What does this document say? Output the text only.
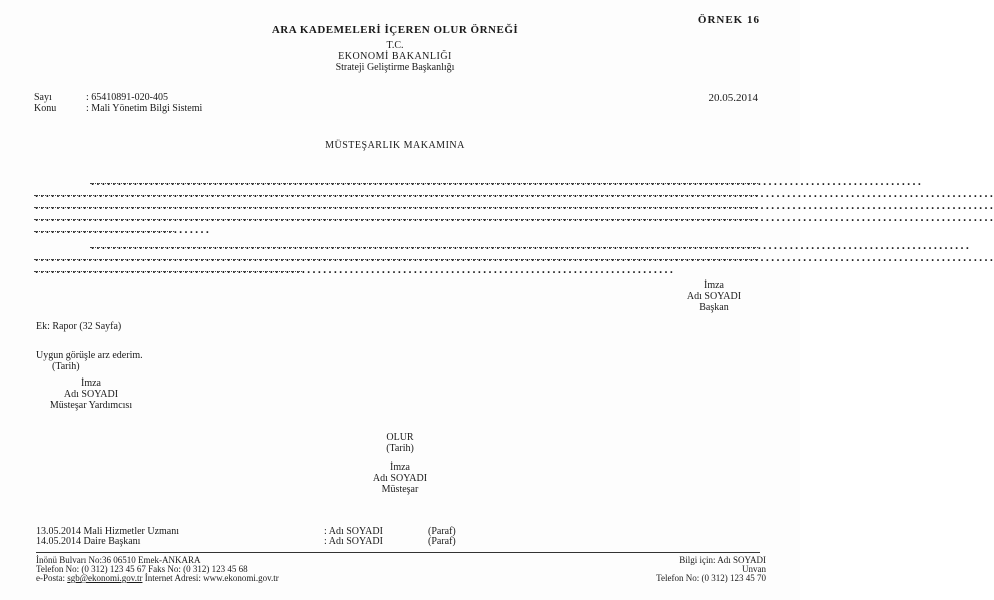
ÖRNEK 16
ARA KADEMELERİ İÇEREN OLUR ÖRNEĞİ
T.C.
EKONOMİ BAKANLIĞI
Strateji Geliştirme Başkanlığı
Sayı	: 65410891-020-405
Konu	: Mali Yönetim Bilgi Sistemi
20.05.2014
MÜSTEŞARLIK MAKAMINA
…………………………………………………………………………………………………………………………………………
………………………………………………………………………………………………………………………………………………………………
………………………………………………………………………………………………………………………………………………………………
………………………………………………………………………………………………………………………………………………………………
……………………………
…………………………………………………………………………………………………………………………………………………
………………………………………………………………………………………………………………………………………………………………
…………………………………………………………………………………………………………
İmza
Adı SOYADI
Başkan
Ek: Rapor (32 Sayfa)
Uygun görüşle arz ederim.
(Tarih)
İmza
Adı SOYADI
Müsteşar Yardımcısı
OLUR
(Tarih)
İmza
Adı SOYADI
Müsteşar
13.05.2014 Mali Hizmetler Uzmanı	: Adı SOYADI	(Paraf)
14.05.2014 Daire Başkanı	: Adı SOYADI	(Paraf)
İnönü Bulvarı No:36 06510 Emek-ANKARA
Telefon No: (0 312) 123 45 67 Faks No: (0 312) 123 45 68
e-Posta: sgb@ekonomi.gov.tr İnternet Adresi: www.ekonomi.gov.tr
Bilgi için: Adı SOYADI
Unvan
Telefon No: (0 312) 123 45 70
